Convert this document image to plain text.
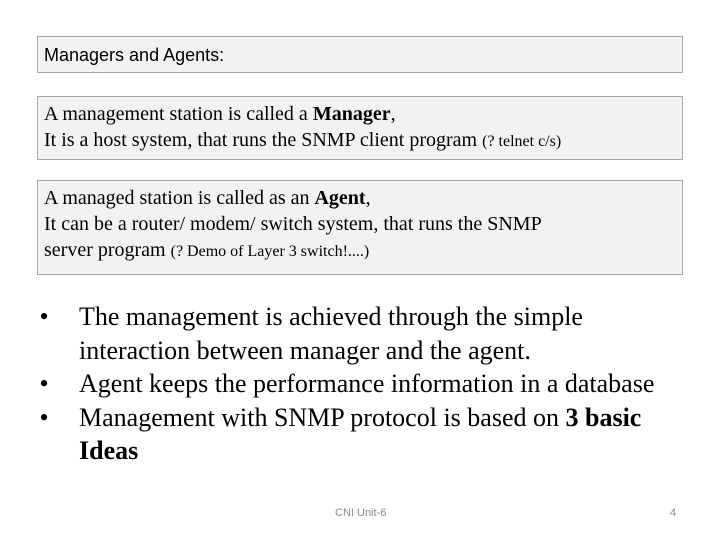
Managers and Agents:
A management station is called a Manager,
It is a host system, that runs the SNMP client program (? telnet c/s)
A managed station is called as an Agent,
It can be a router/ modem/ switch system, that runs the SNMP
server program (? Demo of Layer 3 switch!....)
•	The management is achieved through the simple interaction between manager and the agent.
•	Agent keeps the performance information in a database
•	Management with SNMP protocol is based on 3 basic Ideas
CNI Unit-6	4
